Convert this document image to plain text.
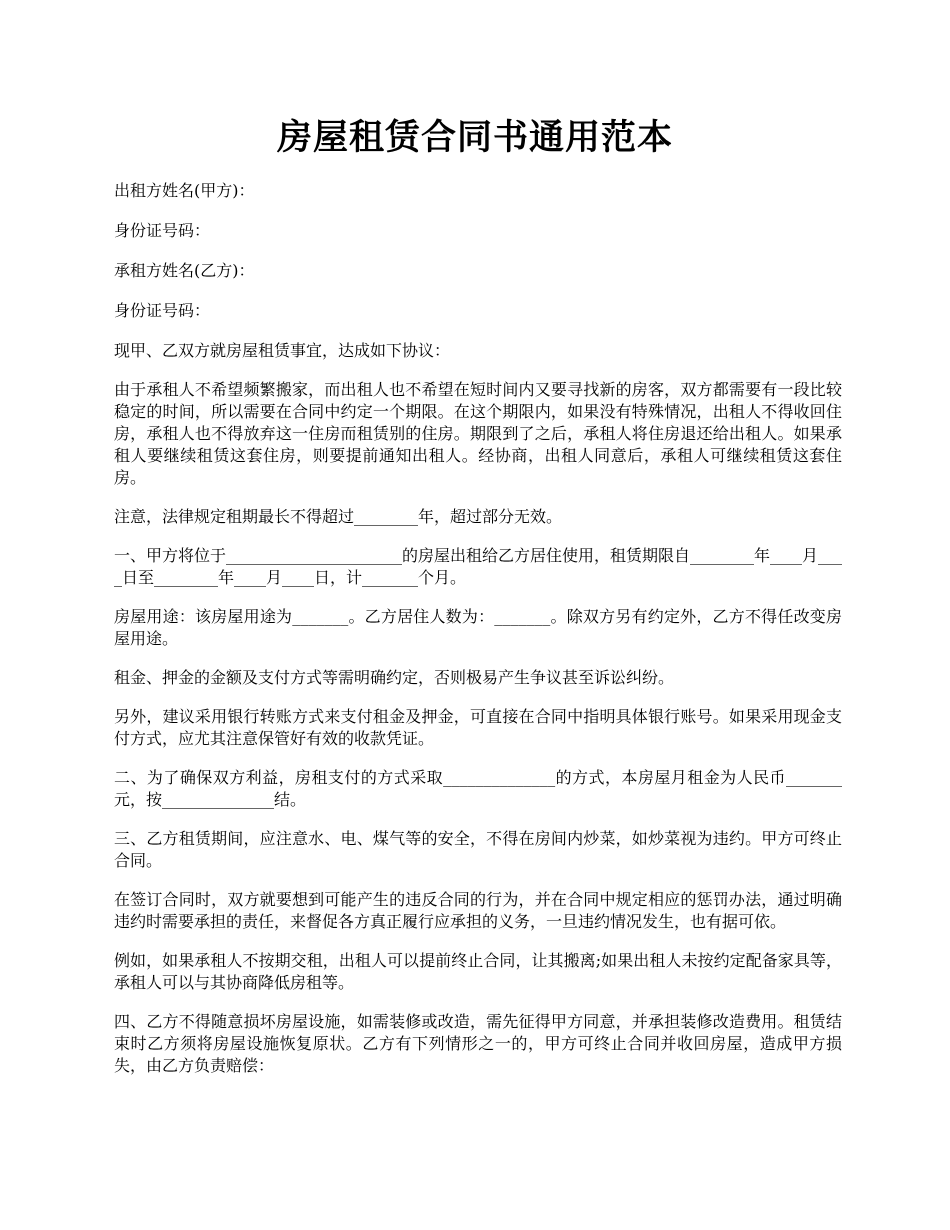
房屋租赁合同书通用范本

出租方姓名(甲方)：

身份证号码：

承租方姓名(乙方)：

身份证号码：

现甲、乙双方就房屋租赁事宜，达成如下协议：

由于承租人不希望频繁搬家，而出租人也不希望在短时间内又要寻找新的房客，双方都需要有一段比较稳定的时间，所以需要在合同中约定一个期限。在这个期限内，如果没有特殊情况，出租人不得收回住房，承租人也不得放弃这一住房而租赁别的住房。期限到了之后，承租人将住房退还给出租人。如果承租人要继续租赁这套住房，则要提前通知出租人。经协商，出租人同意后，承租人可继续租赁这套住房。

注意，法律规定租期最长不得超过________年，超过部分无效。

一、甲方将位于______________________的房屋出租给乙方居住使用，租赁期限自________年____月____日至________年____月____日，计_______个月。

房屋用途：该房屋用途为_______。乙方居住人数为：_______。除双方另有约定外，乙方不得任改变房屋用途。

租金、押金的金额及支付方式等需明确约定，否则极易产生争议甚至诉讼纠纷。

另外，建议采用银行转账方式来支付租金及押金，可直接在合同中指明具体银行账号。如果采用现金支付方式，应尤其注意保管好有效的收款凭证。

二、为了确保双方利益，房租支付的方式采取______________的方式，本房屋月租金为人民币_______元，按______________结。

三、乙方租赁期间，应注意水、电、煤气等的安全，不得在房间内炒菜，如炒菜视为违约。甲方可终止合同。

在签订合同时，双方就要想到可能产生的违反合同的行为，并在合同中规定相应的惩罚办法，通过明确违约时需要承担的责任，来督促各方真正履行应承担的义务，一旦违约情况发生，也有据可依。

例如，如果承租人不按期交租，出租人可以提前终止合同，让其搬离;如果出租人未按约定配备家具等，承租人可以与其协商降低房租等。

四、乙方不得随意损坏房屋设施，如需装修或改造，需先征得甲方同意，并承担装修改造费用。租赁结束时乙方须将房屋设施恢复原状。乙方有下列情形之一的，甲方可终止合同并收回房屋，造成甲方损失，由乙方负责赔偿：
